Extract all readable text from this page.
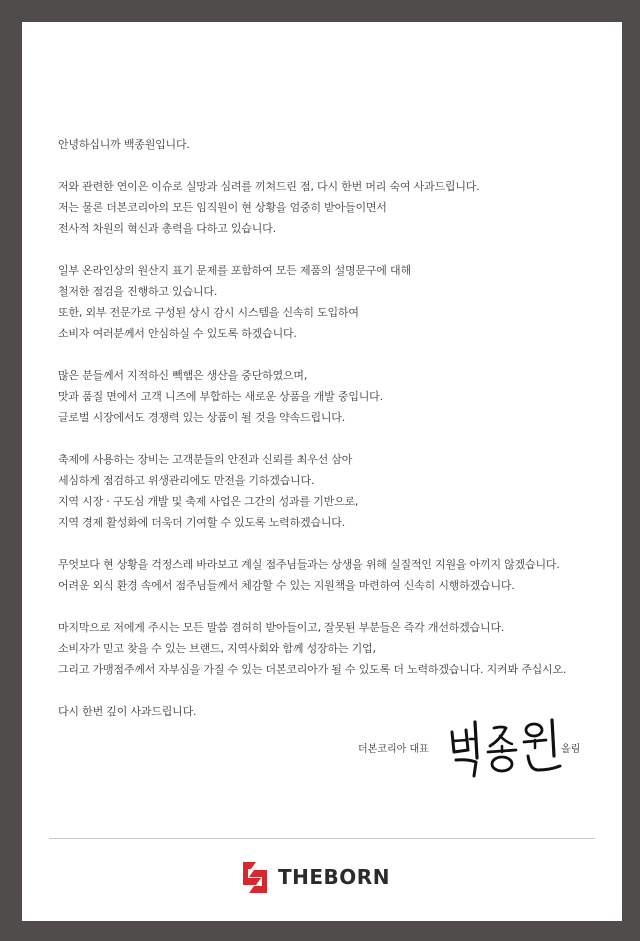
안녕하십니까 백종원입니다.
저와 관련한 연이은 이슈로 실망과 심려를 끼쳐드린 점, 다시 한번 머리 숙여 사과드립니다.
저는 물론 더본코리아의 모든 임직원이 현 상황을 엄중히 받아들이면서
전사적 차원의 혁신과 총력을 다하고 있습니다.
일부 온라인상의 원산지 표기 문제를 포함하여 모든 제품의 설명문구에 대해
철저한 점검을 진행하고 있습니다.
또한, 외부 전문가로 구성된 상시 감시 시스템을 신속히 도입하여
소비자 여러분께서 안심하실 수 있도록 하겠습니다.
많은 분들께서 지적하신 빽햄은 생산을 중단하였으며,
맛과 품질 면에서 고객 니즈에 부합하는 새로운 상품을 개발 중입니다.
글로벌 시장에서도 경쟁력 있는 상품이 될 것을 약속드립니다.
축제에 사용하는 장비는 고객분들의 안전과 신뢰를 최우선 삼아
세심하게 점검하고 위생관리에도 만전을 기하겠습니다.
지역 시장 · 구도심 개발 및 축제 사업은 그간의 성과를 기반으로,
지역 경제 활성화에 더욱더 기여할 수 있도록 노력하겠습니다.
무엇보다 현 상황을 걱정스레 바라보고 계실 점주님들과는 상생을 위해 실질적인 지원을 아끼지 않겠습니다.
어려운 외식 환경 속에서 점주님들께서 체감할 수 있는 지원책을 마련하여 신속히 시행하겠습니다.
마지막으로 저에게 주시는 모든 말씀 겸허히 받아들이고, 잘못된 부분들은 즉각 개선하겠습니다.
소비자가 믿고 찾을 수 있는 브랜드, 지역사회와 함께 성장하는 기업,
그리고 가맹점주께서 자부심을 가질 수 있는 더본코리아가 될 수 있도록 더 노력하겠습니다. 지켜봐 주십시오.
다시 한번 깊이 사과드립니다.
더본코리아 대표	올림
THEBORN
